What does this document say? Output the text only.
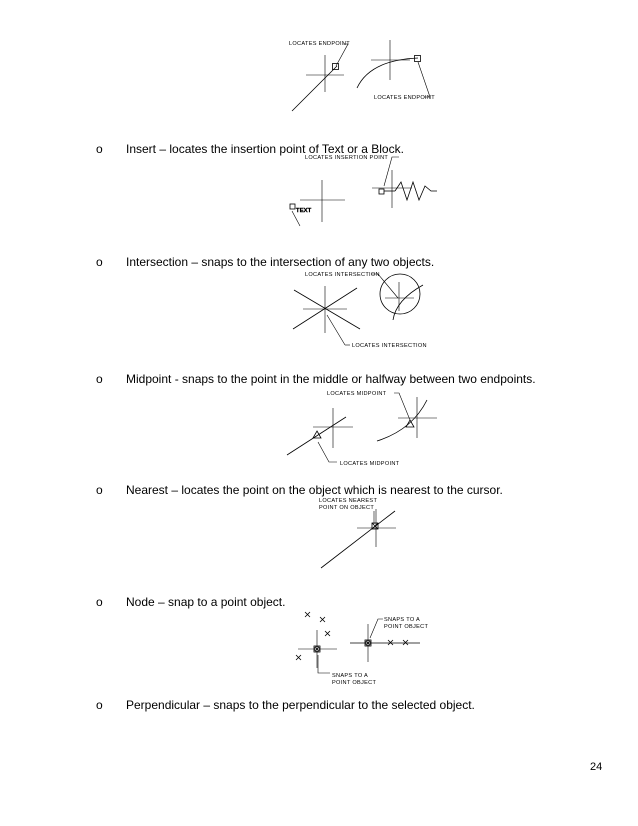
o Insert – locates the insertion point of Text or a Block.
o Intersection – snaps to the intersection of any two objects.
o Midpoint - snaps to the point in the middle or halfway between two endpoints.
o Nearest – locates the point on the object which is nearest to the cursor.
o Node – snap to a point object.
o Perpendicular – snaps to the perpendicular to the selected object.
LOCATES ENDPOINT
LOCATES ENDPOINT
LOCATES INSERTION POINT
TEXT
LOCATES INTERSECTION
LOCATES INTERSECTION
LOCATES MIDPOINT
LOCATES MIDPOINT
LOCATES NEAREST
POINT ON OBJECT
SNAPS TO A
POINT OBJECT
SNAPS TO A
POINT OBJECT
24
